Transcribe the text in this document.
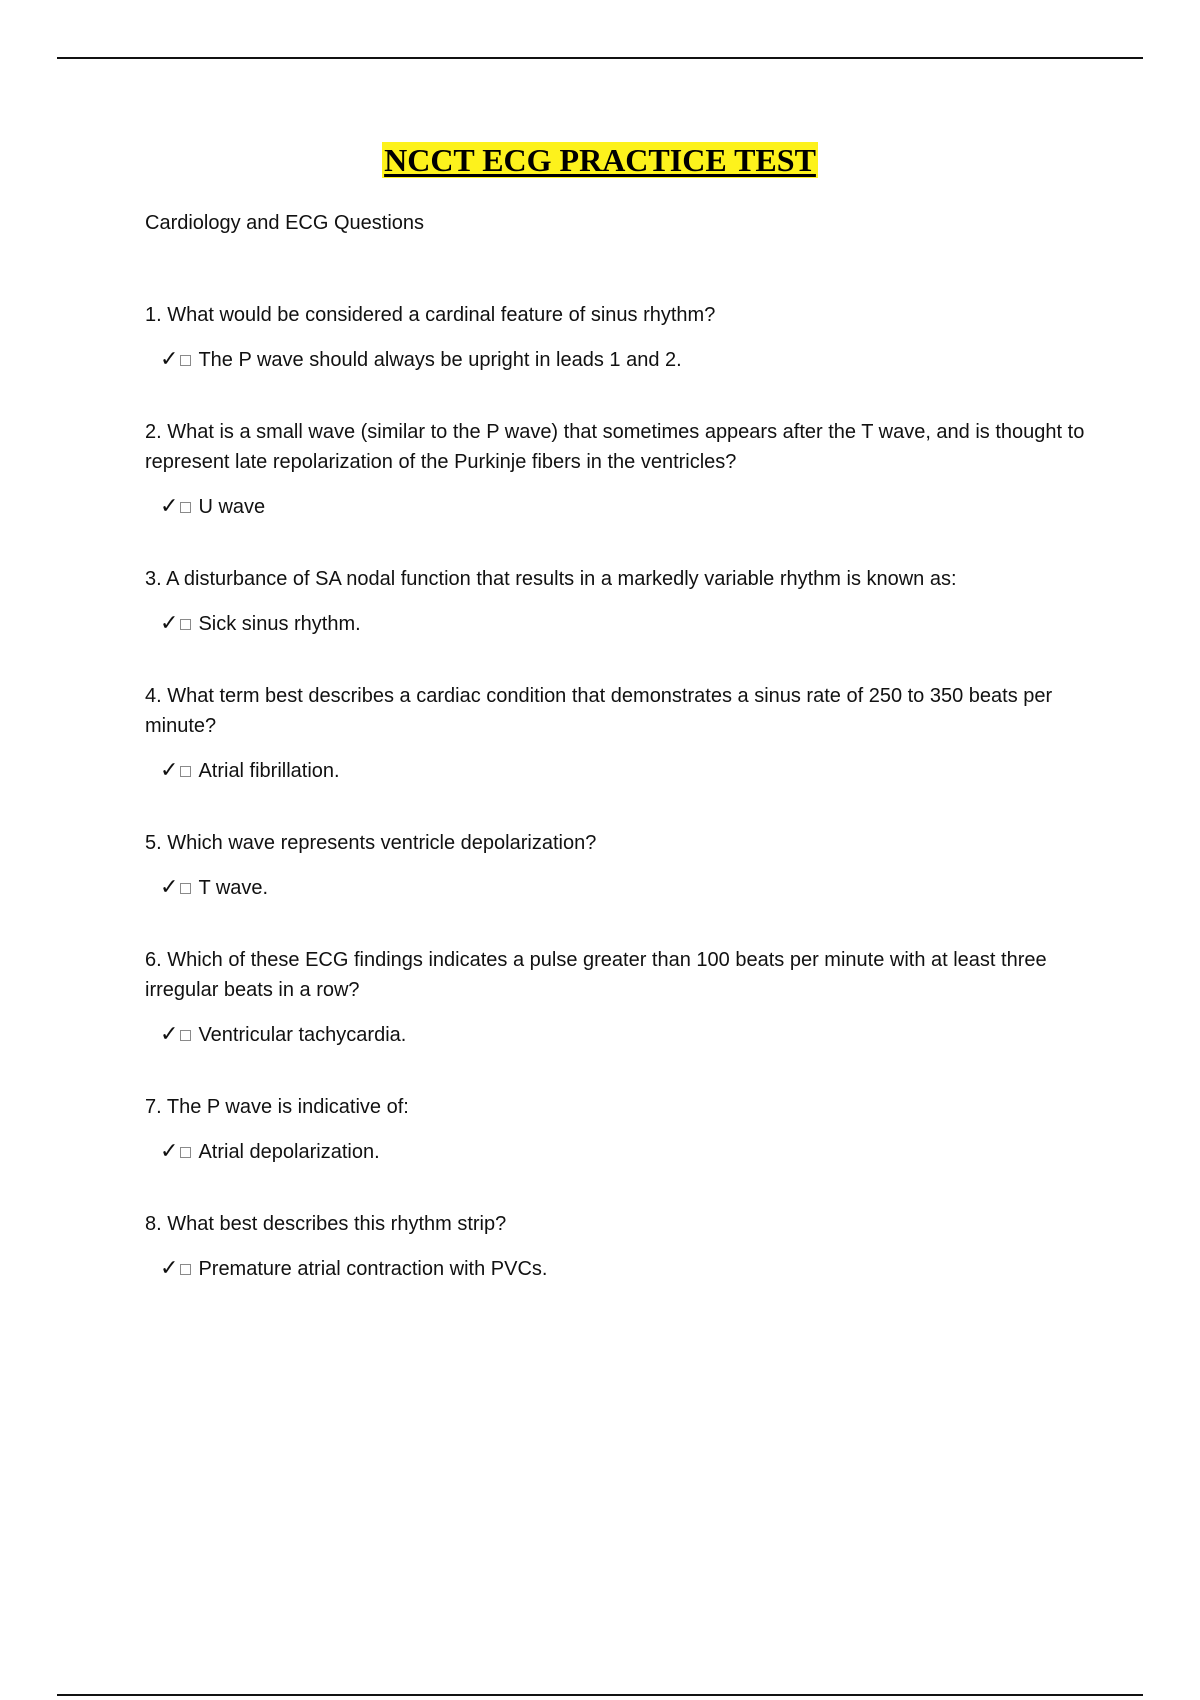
NCCT ECG PRACTICE TEST
Cardiology and ECG Questions

1. What would be considered a cardinal feature of sinus rhythm?

✓ The P wave should always be upright in leads 1 and 2.

2. What is a small wave (similar to the P wave) that sometimes appears after the T wave, and is thought to represent late repolarization of the Purkinje fibers in the ventricles?

✓ U wave

3. A disturbance of SA nodal function that results in a markedly variable rhythm is known as:

✓ Sick sinus rhythm.

4. What term best describes a cardiac condition that demonstrates a sinus rate of 250 to 350 beats per minute?

✓ Atrial fibrillation.

5. Which wave represents ventricle depolarization?

✓ T wave.

6. Which of these ECG findings indicates a pulse greater than 100 beats per minute with at least three irregular beats in a row?

✓ Ventricular tachycardia.

7. The P wave is indicative of:

✓ Atrial depolarization.

8. What best describes this rhythm strip?

✓ Premature atrial contraction with PVCs.
